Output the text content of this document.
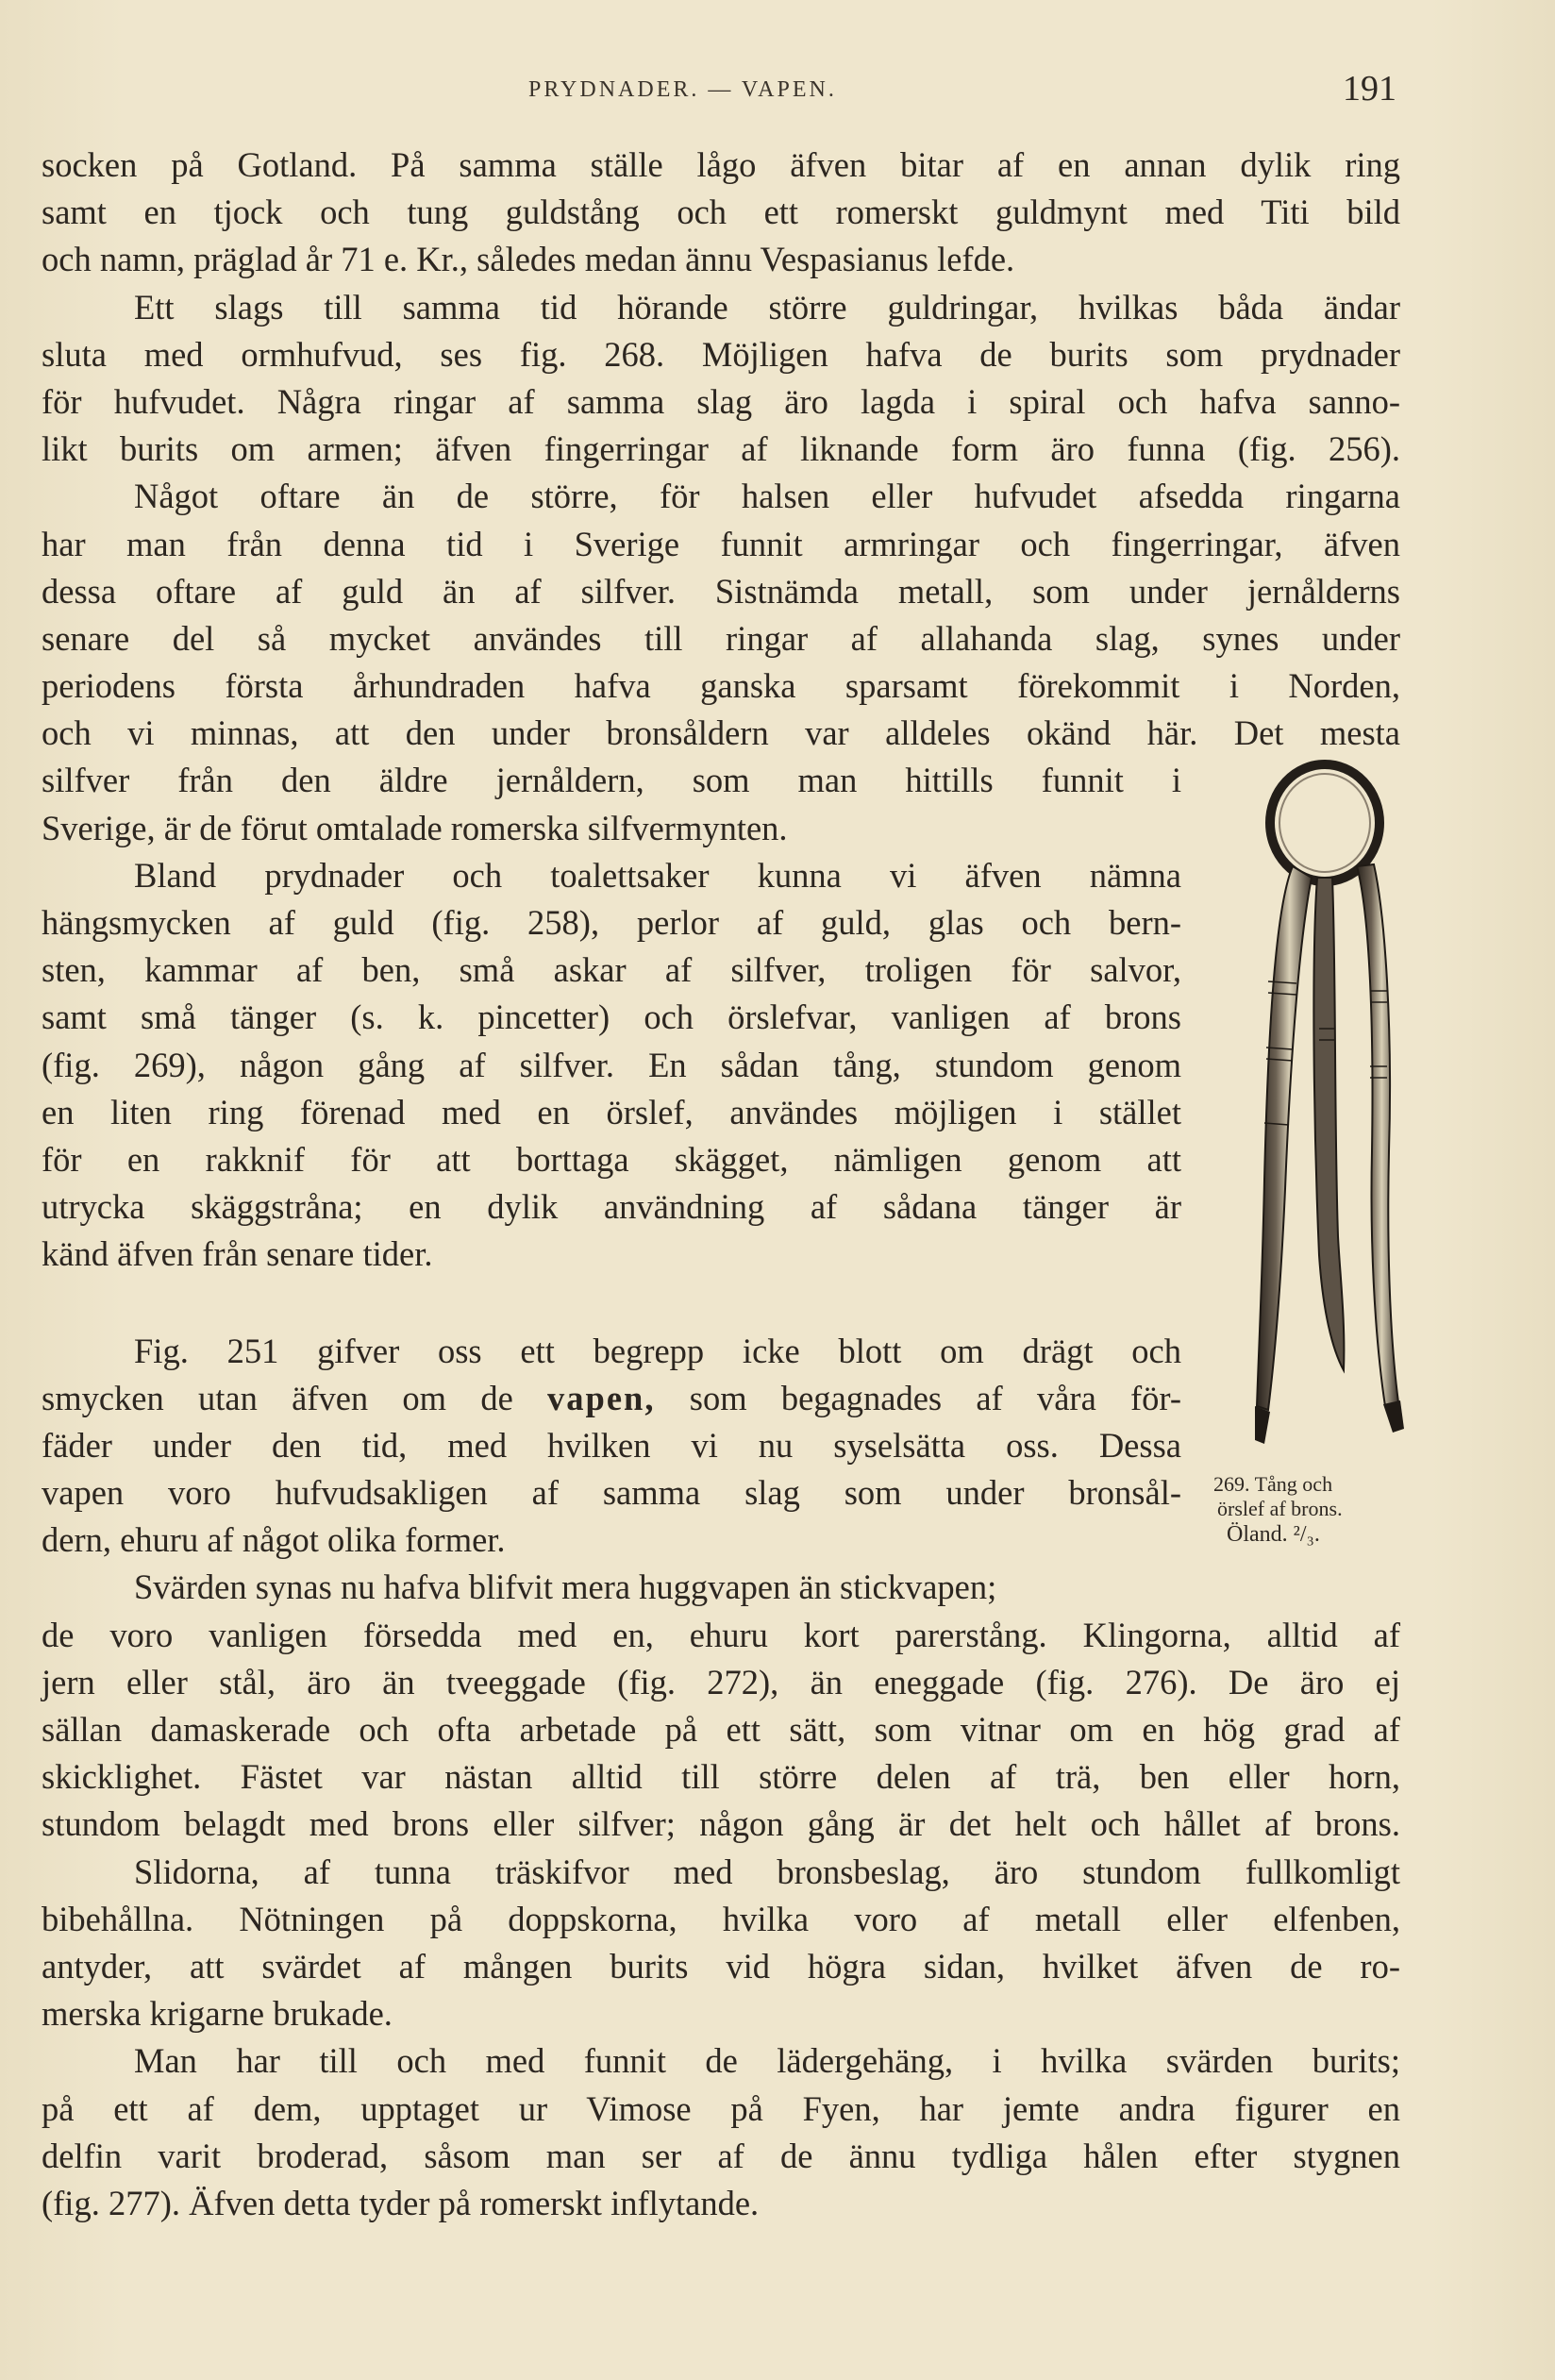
PRYDNADER. — VAPEN.	191
socken på Gotland. På samma ställe lågo äfven bitar af en annan dylik ring
samt en tjock och tung guldstång och ett romerskt guldmynt med Titi bild
och namn, präglad år 71 e. Kr., således medan ännu Vespasianus lefde.
Ett slags till samma tid hörande större guldringar, hvilkas båda ändar
sluta med ormhufvud, ses fig. 268. Möjligen hafva de burits som prydnader
för hufvudet. Några ringar af samma slag äro lagda i spiral och hafva sanno-
likt burits om armen; äfven fingerringar af liknande form äro funna (fig. 256).
Något oftare än de större, för halsen eller hufvudet afsedda ringarna
har man från denna tid i Sverige funnit armringar och fingerringar, äfven
dessa oftare af guld än af silfver. Sistnämda metall, som under jernålderns
senare del så mycket användes till ringar af allahanda slag, synes under
periodens första århundraden hafva ganska sparsamt förekommit i Norden,
och vi minnas, att den under bronsåldern var alldeles okänd här. Det mesta
silfver från den äldre jernåldern, som man hittills funnit i
Sverige, är de förut omtalade romerska silfvermynten.
Bland prydnader och toalettsaker kunna vi äfven nämna
hängsmycken af guld (fig. 258), perlor af guld, glas och bern-
sten, kammar af ben, små askar af silfver, troligen för salvor,
samt små tänger (s. k. pincetter) och örslefvar, vanligen af brons
(fig. 269), någon gång af silfver. En sådan tång, stundom genom
en liten ring förenad med en örslef, användes möjligen i stället
för en rakknif för att borttaga skägget, nämligen genom att
utrycka skäggstråna; en dylik användning af sådana tänger är
känd äfven från senare tider.
Fig. 251 gifver oss ett begrepp icke blott om drägt och
smycken utan äfven om de vapen, som begagnades af våra för-
fäder under den tid, med hvilken vi nu syselsätta oss. Dessa
vapen voro hufvudsakligen af samma slag som under bronsål-
dern, ehuru af något olika former.
Svärden synas nu hafva blifvit mera huggvapen än stickvapen;
de voro vanligen försedda med en, ehuru kort parerstång. Klingorna, alltid af
jern eller stål, äro än tveeggade (fig. 272), än eneggade (fig. 276). De äro ej
sällan damaskerade och ofta arbetade på ett sätt, som vitnar om en hög grad af
skicklighet. Fästet var nästan alltid till större delen af trä, ben eller horn,
stundom belagdt med brons eller silfver; någon gång är det helt och hållet af brons.
Slidorna, af tunna träskifvor med bronsbeslag, äro stundom fullkomligt
bibehållna. Nötningen på doppskorna, hvilka voro af metall eller elfenben,
antyder, att svärdet af mången burits vid högra sidan, hvilket äfven de ro-
merska krigarne brukade.
Man har till och med funnit de lädergehäng, i hvilka svärden burits;
på ett af dem, upptaget ur Vimose på Fyen, har jemte andra figurer en
delfin varit broderad, såsom man ser af de ännu tydliga hålen efter stygnen
(fig. 277). Äfven detta tyder på romerskt inflytande.
269. Tång och
örslef af brons.
Öland. ²/₃.
